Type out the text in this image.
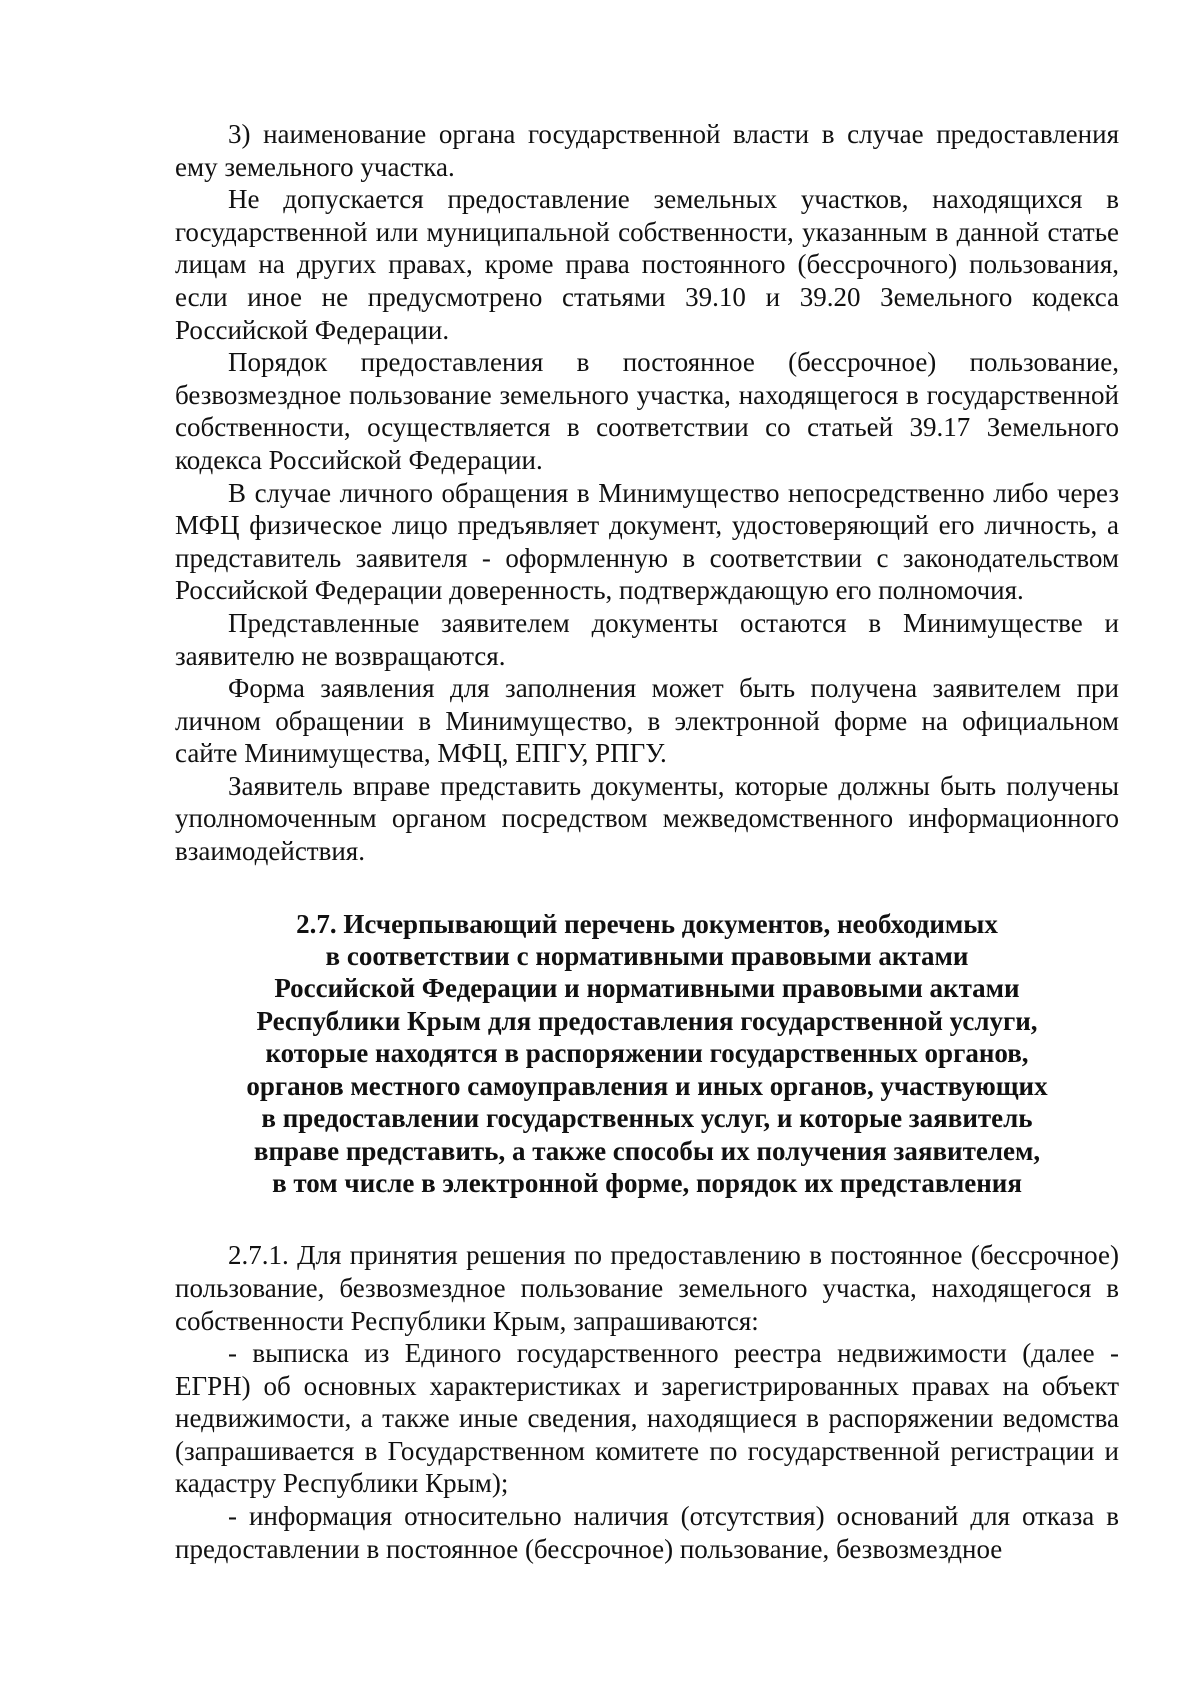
3) наименование органа государственной власти в случае предоставления ему земельного участка.

Не допускается предоставление земельных участков, находящихся в государственной или муниципальной собственности, указанным в данной статье лицам на других правах, кроме права постоянного (бессрочного) пользования, если иное не предусмотрено статьями 39.10 и 39.20 Земельного кодекса Российской Федерации.

Порядок предоставления в постоянное (бессрочное) пользование, безвозмездное пользование земельного участка, находящегося в государственной собственности, осуществляется в соответствии со статьей 39.17 Земельного кодекса Российской Федерации.

В случае личного обращения в Минимущество непосредственно либо через МФЦ физическое лицо предъявляет документ, удостоверяющий его личность, а представитель заявителя - оформленную в соответствии с законодательством Российской Федерации доверенность, подтверждающую его полномочия.

Представленные заявителем документы остаются в Минимуществе и заявителю не возвращаются.

Форма заявления для заполнения может быть получена заявителем при личном обращении в Минимущество, в электронной форме на официальном сайте Минимущества, МФЦ, ЕПГУ, РПГУ.

Заявитель вправе представить документы, которые должны быть получены уполномоченным органом посредством межведомственного информационного взаимодействия.

2.7. Исчерпывающий перечень документов, необходимых
в соответствии с нормативными правовыми актами
Российской Федерации и нормативными правовыми актами
Республики Крым для предоставления государственной услуги,
которые находятся в распоряжении государственных органов,
органов местного самоуправления и иных органов, участвующих
в предоставлении государственных услуг, и которые заявитель
вправе представить, а также способы их получения заявителем,
в том числе в электронной форме, порядок их представления

2.7.1. Для принятия решения по предоставлению в постоянное (бессрочное) пользование, безвозмездное пользование земельного участка, находящегося в собственности Республики Крым, запрашиваются:

- выписка из Единого государственного реестра недвижимости (далее - ЕГРН) об основных характеристиках и зарегистрированных правах на объект недвижимости, а также иные сведения, находящиеся в распоряжении ведомства (запрашивается в Государственном комитете по государственной регистрации и кадастру Республики Крым);

- информация относительно наличия (отсутствия) оснований для отказа в предоставлении в постоянное (бессрочное) пользование, безвозмездное
